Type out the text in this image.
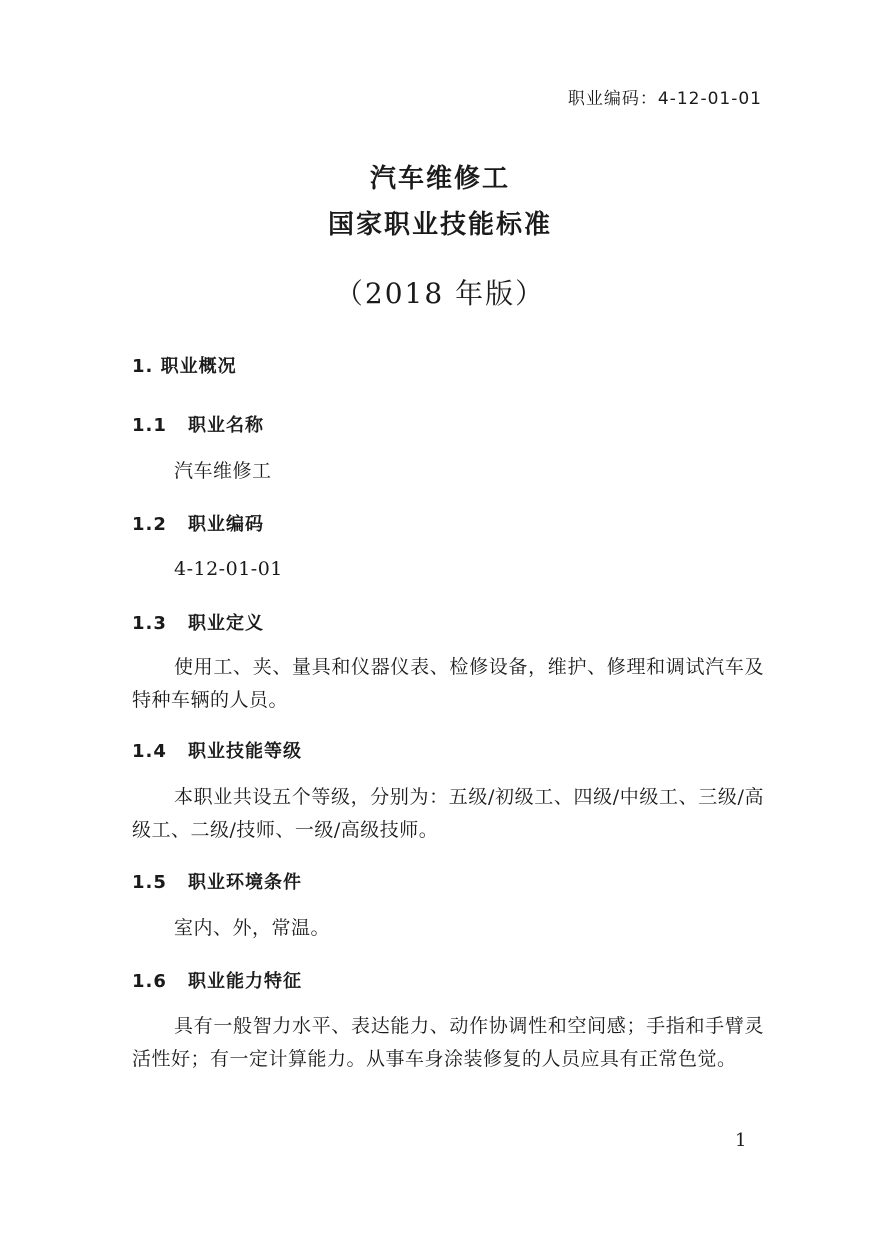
职业编码：4-12-01-01
汽车维修工
国家职业技能标准
（2018 年版）
1. 职业概况
1.1 职业名称
汽车维修工
1.2 职业编码
4-12-01-01
1.3 职业定义
使用工、夹、量具和仪器仪表、检修设备，维护、修理和调试汽车及特种车辆的人员。
1.4 职业技能等级
本职业共设五个等级，分别为：五级/初级工、四级/中级工、三级/高级工、二级/技师、一级/高级技师。
1.5 职业环境条件
室内、外，常温。
1.6 职业能力特征
具有一般智力水平、表达能力、动作协调性和空间感；手指和手臂灵活性好；有一定计算能力。从事车身涂装修复的人员应具有正常色觉。
1
